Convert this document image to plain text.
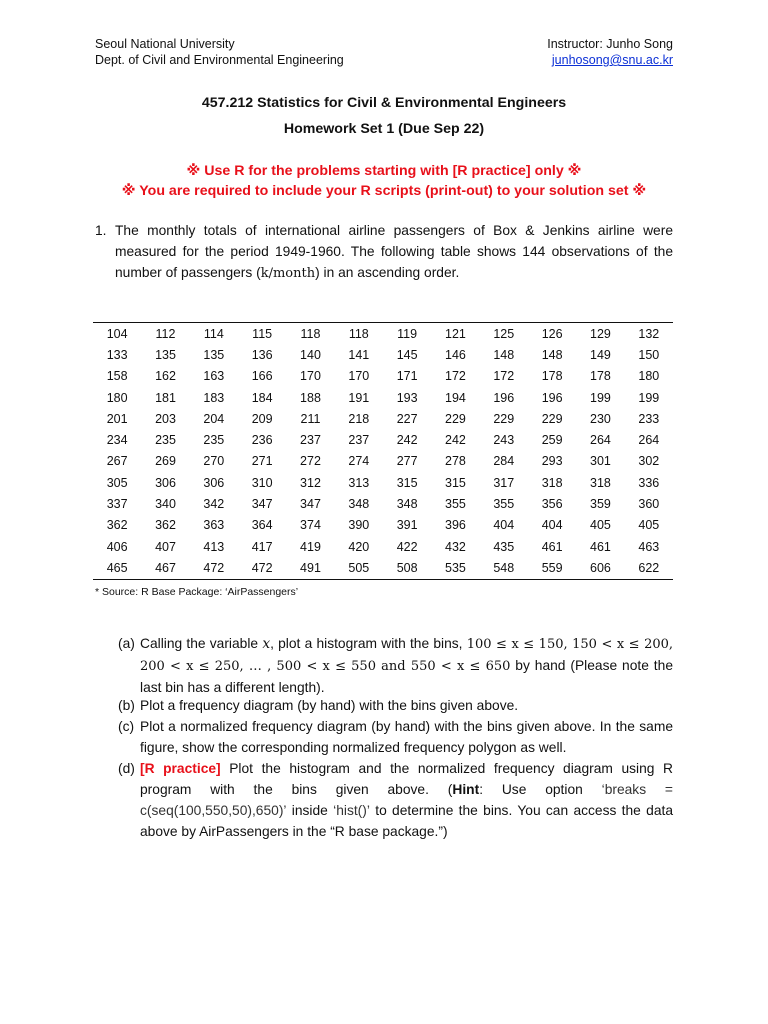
Seoul National University
Dept. of Civil and Environmental Engineering
Instructor: Junho Song
junhosong@snu.ac.kr
457.212 Statistics for Civil & Environmental Engineers
Homework Set 1 (Due Sep 22)
※ Use R for the problems starting with [R practice] only ※
※ You are required to include your R scripts (print-out) to your solution set ※
1. The monthly totals of international airline passengers of Box & Jenkins airline were measured for the period 1949-1960. The following table shows 144 observations of the number of passengers (k/month) in an ascending order.
104	112	114	115	118	118	119	121	125	126	129	132
133	135	135	136	140	141	145	146	148	148	149	150
158	162	163	166	170	170	171	172	172	178	178	180
180	181	183	184	188	191	193	194	196	196	199	199
201	203	204	209	211	218	227	229	229	229	230	233
234	235	235	236	237	237	242	242	243	259	264	264
267	269	270	271	272	274	277	278	284	293	301	302
305	306	306	310	312	313	315	315	317	318	318	336
337	340	342	347	347	348	348	355	355	356	359	360
362	362	363	364	374	390	391	396	404	404	405	405
406	407	413	417	419	420	422	432	435	461	461	463
465	467	472	472	491	505	508	535	548	559	606	622
* Source: R Base Package: ‘AirPassengers’
(a) Calling the variable x, plot a histogram with the bins, 100 ≤ x ≤ 150, 150 < x ≤ 200, 200 < x ≤ 250, … , 500 < x ≤ 550 and 550 < x ≤ 650 by hand (Please note the last bin has a different length).
(b) Plot a frequency diagram (by hand) with the bins given above.
(c) Plot a normalized frequency diagram (by hand) with the bins given above. In the same figure, show the corresponding normalized frequency polygon as well.
(d) [R practice] Plot the histogram and the normalized frequency diagram using R program with the bins given above. (Hint: Use option ‘breaks = c(seq(100,550,50),650)’ inside ‘hist()’ to determine the bins. You can access the data above by AirPassengers in the “R base package.”)
